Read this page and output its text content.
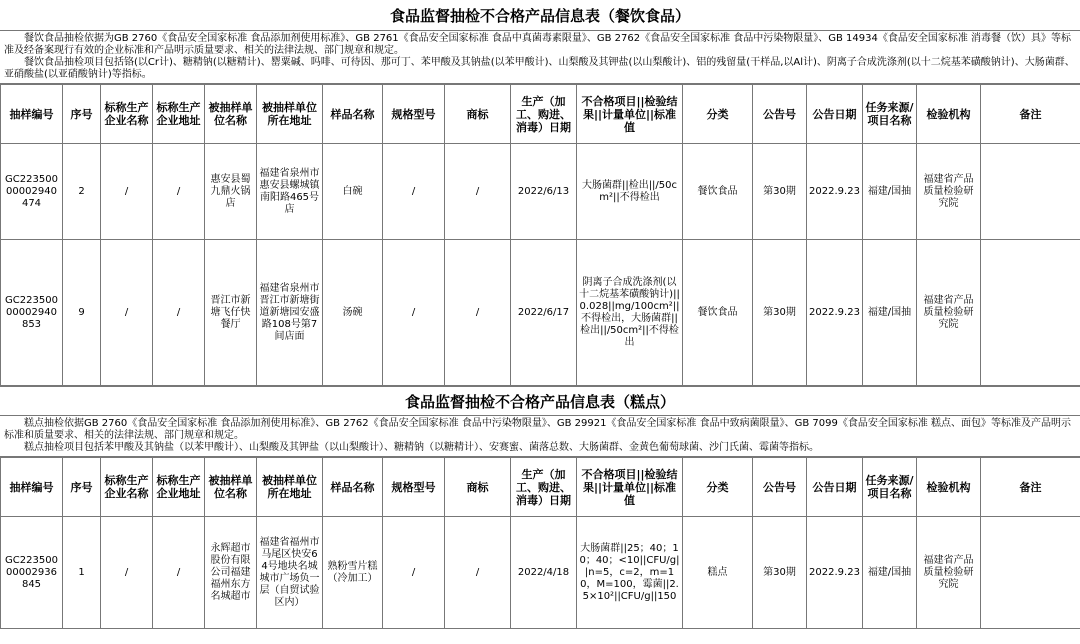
食品监督抽检不合格产品信息表（餐饮食品）

餐饮食品抽检依据为GB 2760《食品安全国家标准 食品添加剂使用标准》、GB 2761《食品安全国家标准 食品中真菌毒素限量》、GB 2762《食品安全国家标准 食品中污染物限量》、GB 14934《食品安全国家标准 消毒餐（饮）具》等标准及经备案现行有效的企业标准和产品明示质量要求、相关的法律法规、部门规章和规定。

餐饮食品抽检项目包括铬(以Cr计)、糖精钠(以糖精计)、罂粟碱、吗啡、可待因、那可丁、苯甲酸及其钠盐(以苯甲酸计)、山梨酸及其钾盐(以山梨酸计)、铝的残留量(干样品,以Al计)、阴离子合成洗涤剂(以十二烷基苯磺酸钠计)、大肠菌群、亚硝酸盐(以亚硝酸钠计)等指标。

抽样编号	序号	标称生产企业名称	标称生产企业地址	被抽样单位名称	被抽样单位所在地址	样品名称	规格型号	商标	生产（加工、购进、消毒）日期	不合格项目||检验结果||计量单位||标准值	分类	公告号	公告日期	任务来源/项目名称	检验机构	备注
GC22350000002940474	2	/	/	惠安县蜀九鼎火锅店	福建省泉州市惠安县螺城镇南阳路465号店	白碗	/	/	2022/6/13	大肠菌群||检出||/50cm²||不得检出	餐饮食品	第30期	2022.9.23	福建/国抽	福建省产品质量检验研究院	
GC22350000002940853	9	/	/	晋江市新塘飞仔快餐厅	福建省泉州市晋江市新塘街道新塘园安盛路108号第7间店面	汤碗	/	/	2022/6/17	阴离子合成洗涤剂(以十二烷基苯磺酸钠计)||0.028||mg/100cm²||不得检出，大肠菌群||检出||/50cm²||不得检出	餐饮食品	第30期	2022.9.23	福建/国抽	福建省产品质量检验研究院	
食品监督抽检不合格产品信息表（糕点）

糕点抽检依据GB 2760《食品安全国家标准 食品添加剂使用标准》、GB 2762《食品安全国家标准 食品中污染物限量》、GB 29921《食品安全国家标准 食品中致病菌限量》、GB 7099《食品安全国家标准 糕点、面包》等标准及产品明示标准和质量要求、相关的法律法规、部门规章和规定。

糕点抽检项目包括苯甲酸及其钠盐（以苯甲酸计）、山梨酸及其钾盐（以山梨酸计）、糖精钠（以糖精计）、安赛蜜、菌落总数、大肠菌群、金黄色葡萄球菌、沙门氏菌、霉菌等指标。

抽样编号	序号	标称生产企业名称	标称生产企业地址	被抽样单位名称	被抽样单位所在地址	样品名称	规格型号	商标	生产（加工、购进、消毒）日期	不合格项目||检验结果||计量单位||标准值	分类	公告号	公告日期	任务来源/项目名称	检验机构	备注
GC22350000002936845	1	/	/	永辉超市股份有限公司福建福州东方名城超市	福建省福州市马尾区快安64号地块名城城市广场负一层（自贸试验区内）	熟粉雪片糕（冷加工）	/	/	2022/4/18	大肠菌群||25；40；10；40；<10||CFU/g||n=5，c=2，m=10，M=100，霉菌||2.5×10²||CFU/g||150	糕点	第30期	2022.9.23	福建/国抽	福建省产品质量检验研究院	
